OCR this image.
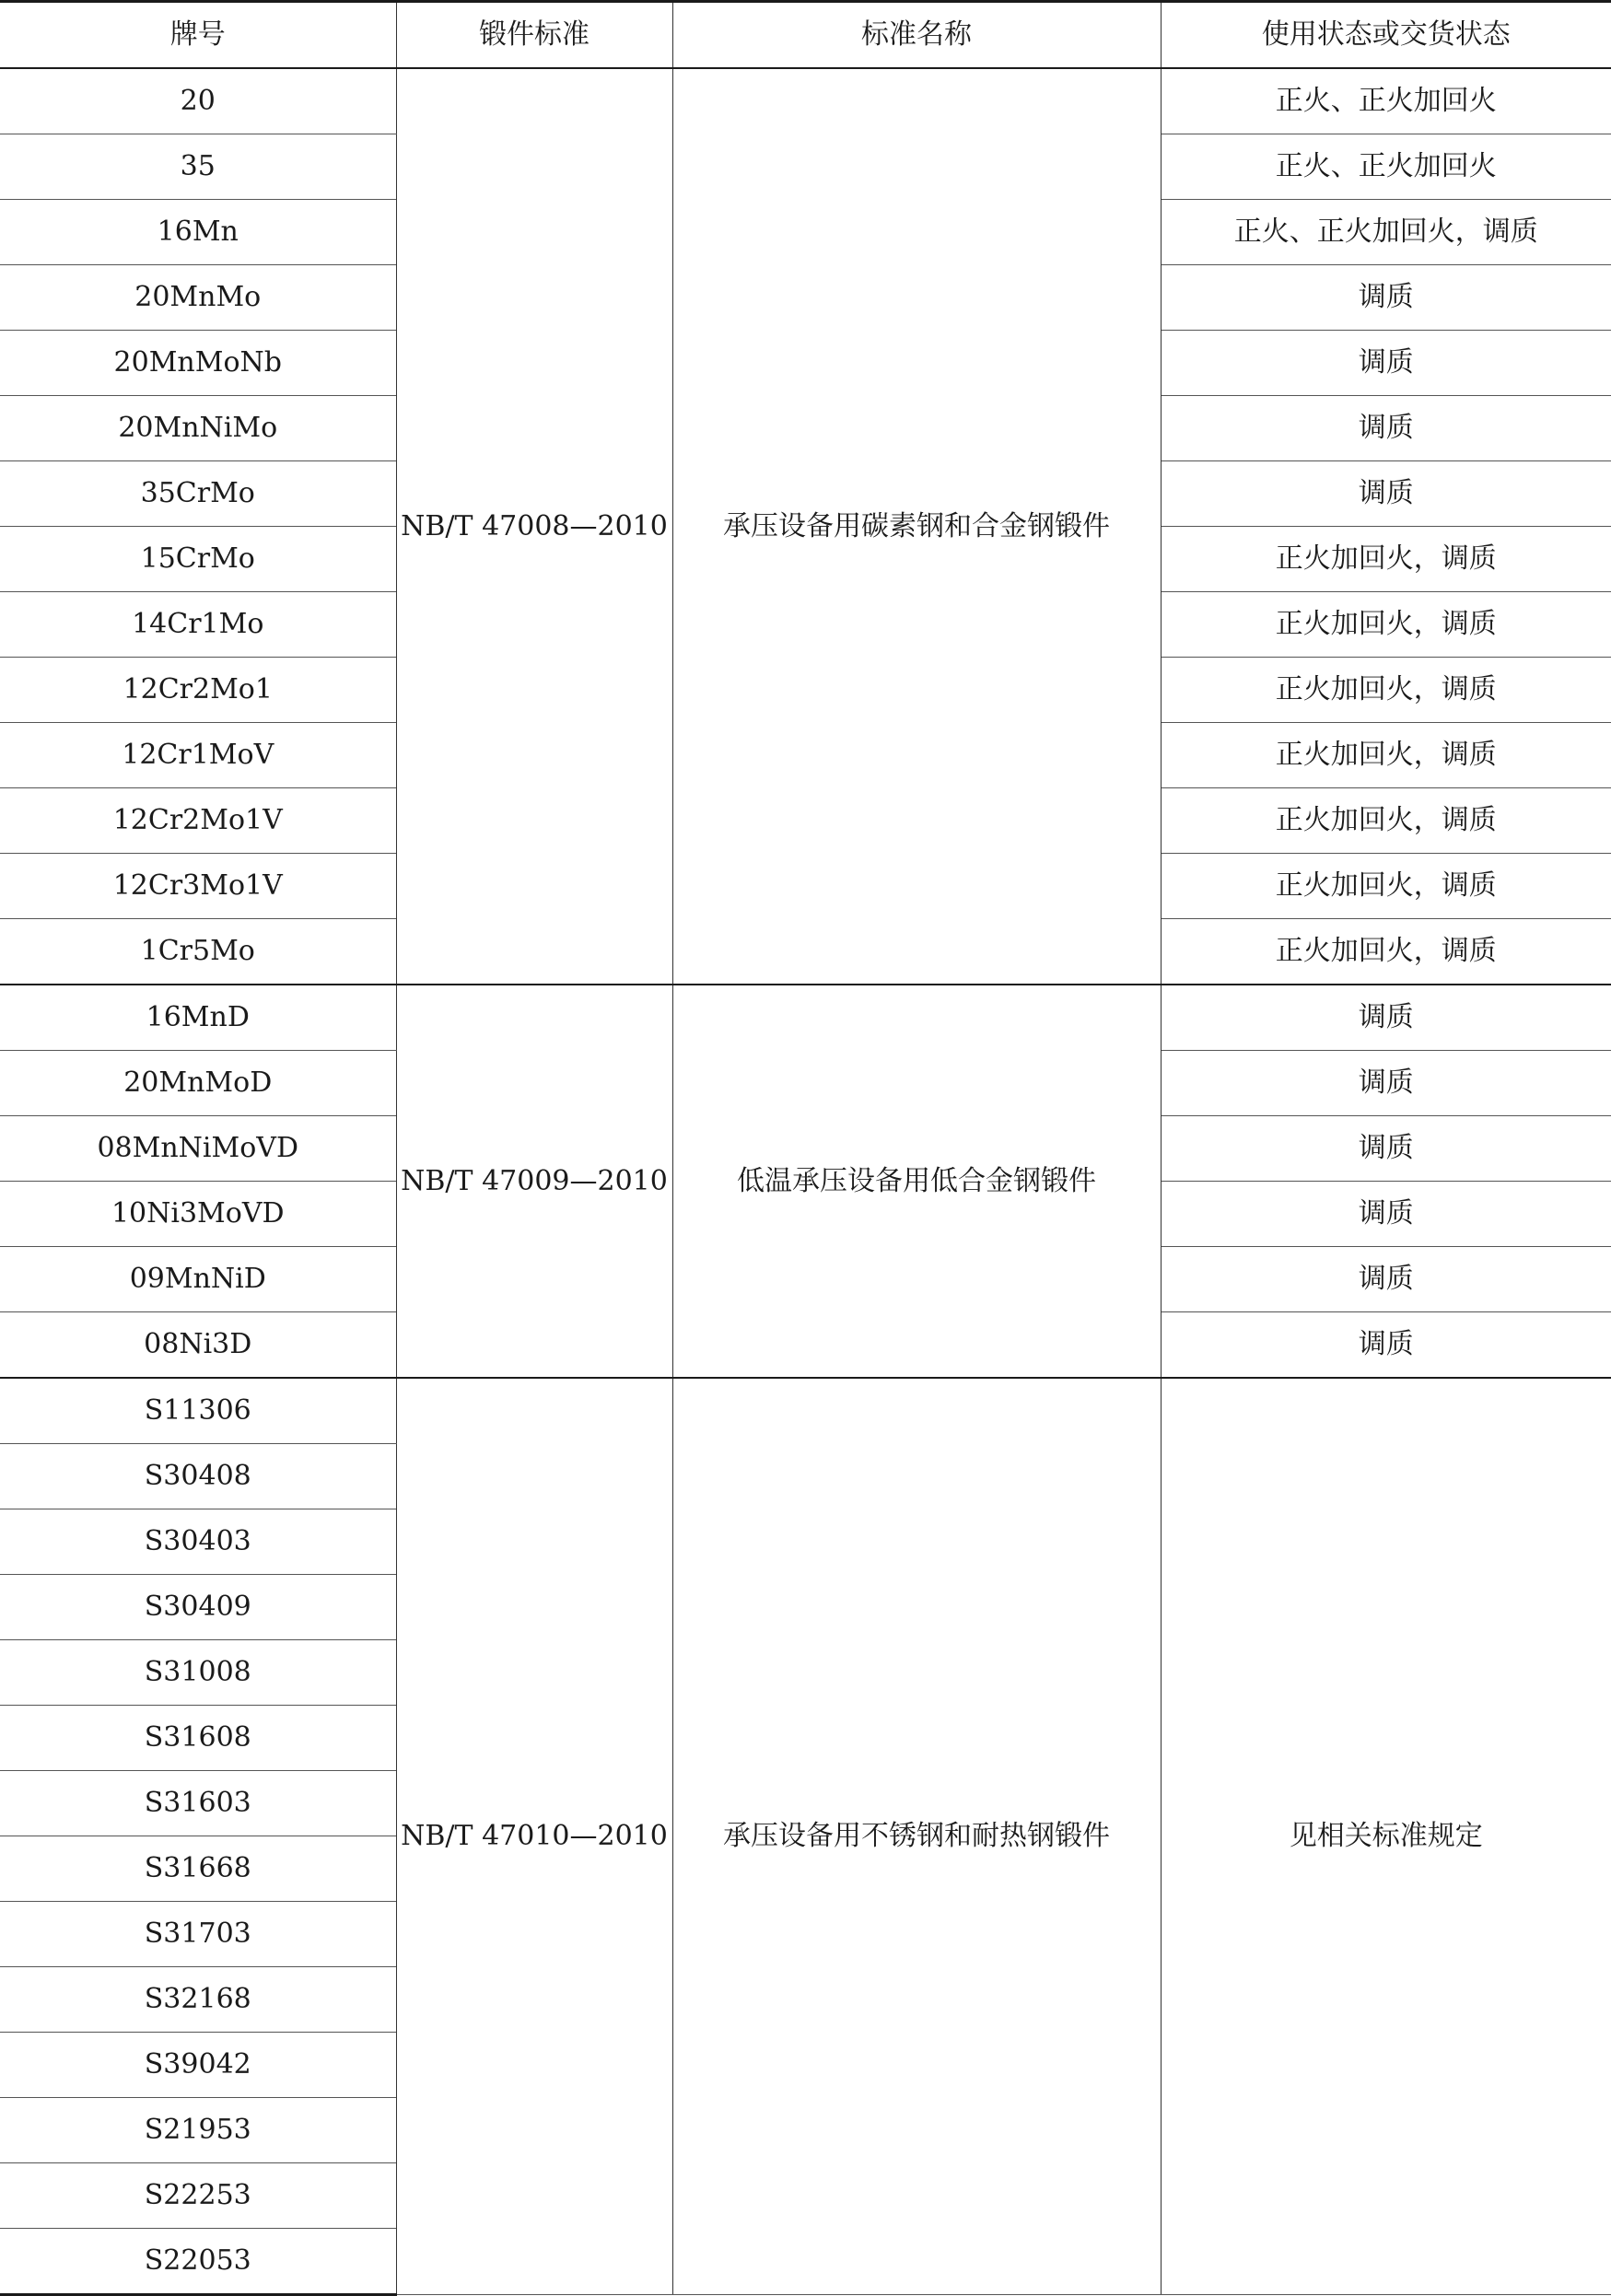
牌号	锻件标准	标准名称	使用状态或交货状态
20	NB/T 47008—2010	承压设备用碳素钢和合金钢锻件	正火、正火加回火
35			正火、正火加回火
16Mn			正火、正火加回火，调质
20MnMo			调质
20MnMoNb			调质
20MnNiMo			调质
35CrMo			调质
15CrMo			正火加回火，调质
14Cr1Mo			正火加回火，调质
12Cr2Mo1			正火加回火，调质
12Cr1MoV			正火加回火，调质
12Cr2Mo1V			正火加回火，调质
12Cr3Mo1V			正火加回火，调质
1Cr5Mo			正火加回火，调质
16MnD	NB/T 47009—2010	低温承压设备用低合金钢锻件	调质
20MnMoD			调质
08MnNiMoVD			调质
10Ni3MoVD			调质
09MnNiD			调质
08Ni3D			调质
S11306	NB/T 47010—2010	承压设备用不锈钢和耐热钢锻件	见相关标准规定
S30408			
S30403			
S30409			
S31008			
S31608			
S31603			
S31668			
S31703			
S32168			
S39042			
S21953			
S22253			
S22053			
